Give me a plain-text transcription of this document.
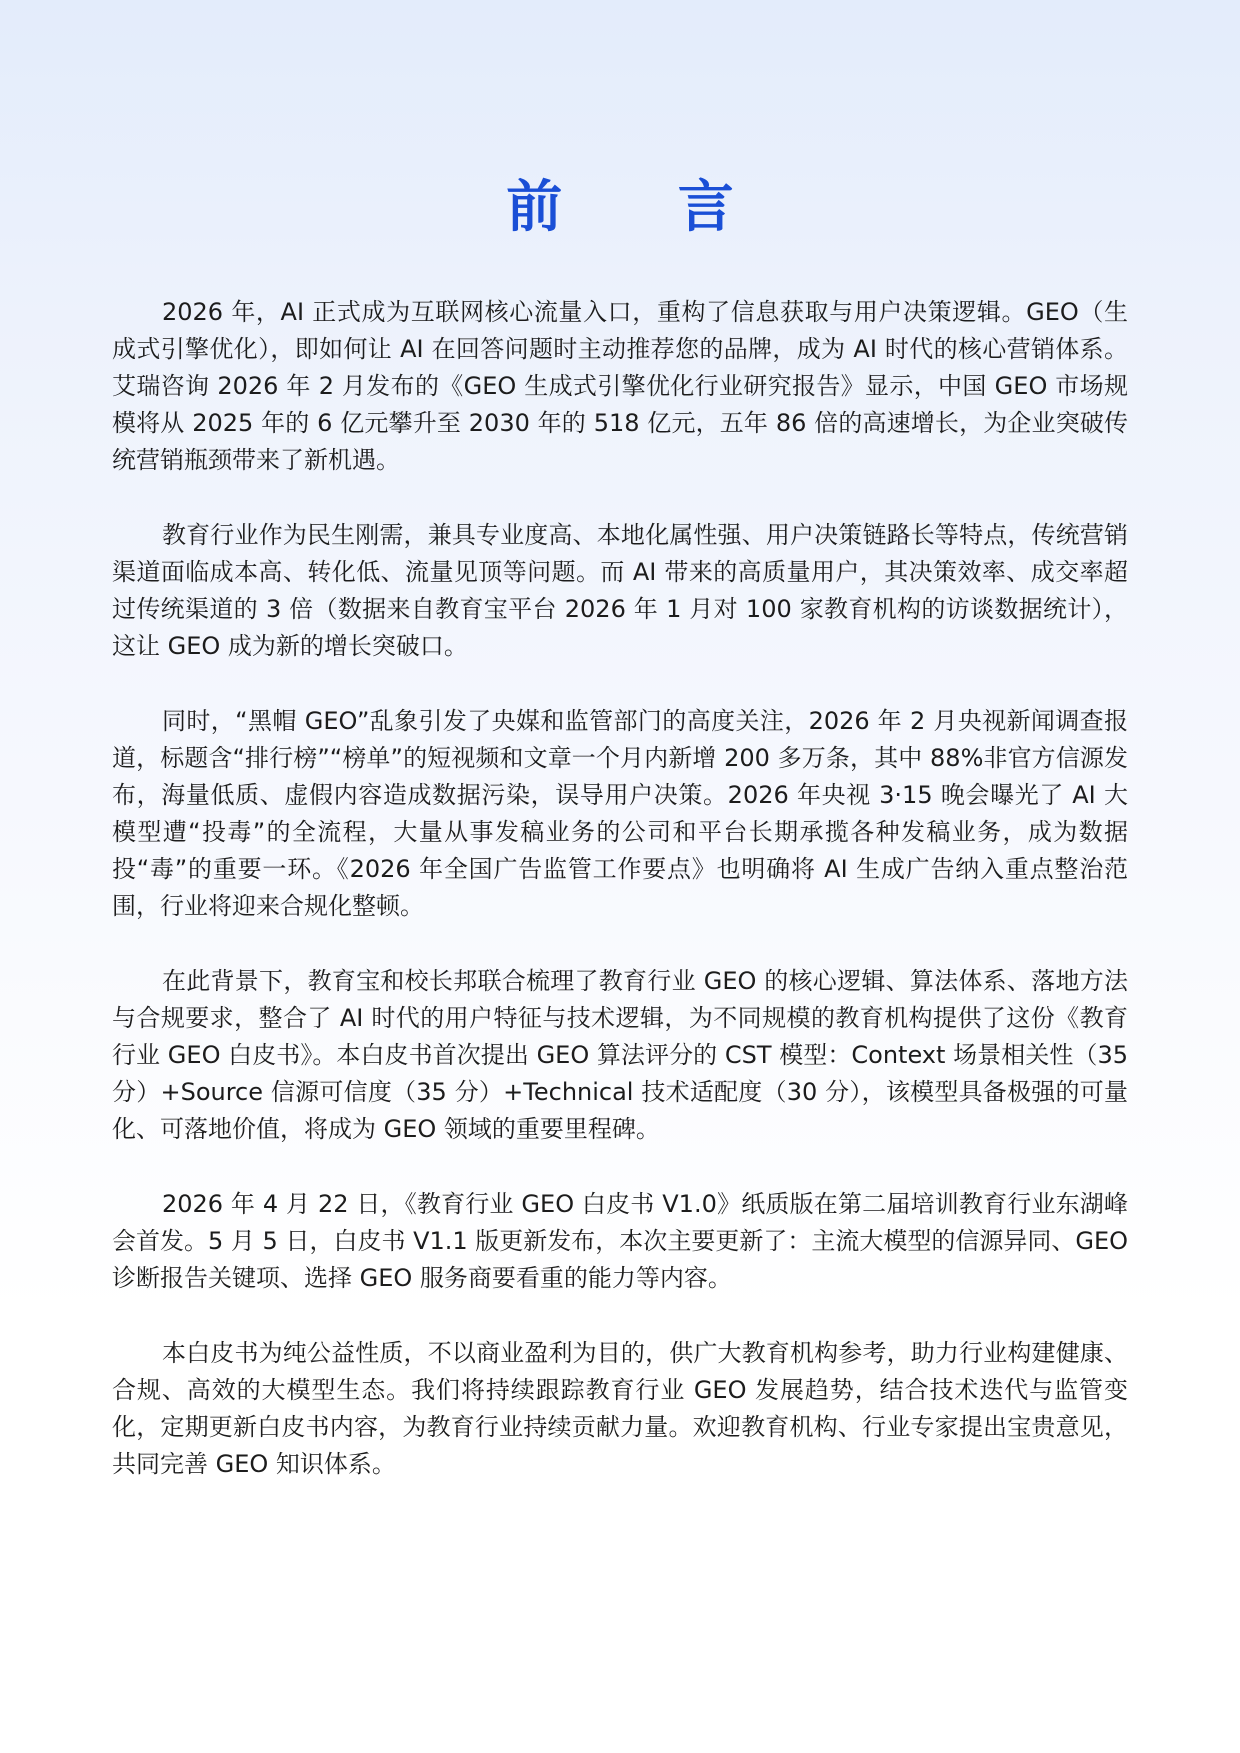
前 言

2026 年，AI 正式成为互联网核心流量入口，重构了信息获取与用户决策逻辑。GEO（生成式引擎优化），即如何让 AI 在回答问题时主动推荐您的品牌，成为 AI 时代的核心营销体系。艾瑞咨询 2026 年 2 月发布的《GEO 生成式引擎优化行业研究报告》显示，中国 GEO 市场规模将从 2025 年的 6 亿元攀升至 2030 年的 518 亿元，五年 86 倍的高速增长，为企业突破传统营销瓶颈带来了新机遇。

教育行业作为民生刚需，兼具专业度高、本地化属性强、用户决策链路长等特点，传统营销渠道面临成本高、转化低、流量见顶等问题。而 AI 带来的高质量用户，其决策效率、成交率超过传统渠道的 3 倍（数据来自教育宝平台 2026 年 1 月对 100 家教育机构的访谈数据统计），这让 GEO 成为新的增长突破口。

同时，“黑帽 GEO”乱象引发了央媒和监管部门的高度关注，2026 年 2 月央视新闻调查报道，标题含“排行榜”“榜单”的短视频和文章一个月内新增 200 多万条，其中 88%非官方信源发布，海量低质、虚假内容造成数据污染，误导用户决策。2026 年央视 3·15 晚会曝光了 AI 大模型遭“投毒”的全流程，大量从事发稿业务的公司和平台长期承揽各种发稿业务，成为数据投“毒”的重要一环。《2026 年全国广告监管工作要点》也明确将 AI 生成广告纳入重点整治范围，行业将迎来合规化整顿。

在此背景下，教育宝和校长邦联合梳理了教育行业 GEO 的核心逻辑、算法体系、落地方法与合规要求，整合了 AI 时代的用户特征与技术逻辑，为不同规模的教育机构提供了这份《教育行业 GEO 白皮书》。本白皮书首次提出 GEO 算法评分的 CST 模型：Context 场景相关性（35 分）+Source 信源可信度（35 分）+Technical 技术适配度（30 分），该模型具备极强的可量化、可落地价值，将成为 GEO 领域的重要里程碑。

2026 年 4 月 22 日，《教育行业 GEO 白皮书 V1.0》纸质版在第二届培训教育行业东湖峰会首发。5 月 5 日，白皮书 V1.1 版更新发布，本次主要更新了：主流大模型的信源异同、GEO 诊断报告关键项、选择 GEO 服务商要看重的能力等内容。

本白皮书为纯公益性质，不以商业盈利为目的，供广大教育机构参考，助力行业构建健康、合规、高效的大模型生态。我们将持续跟踪教育行业 GEO 发展趋势，结合技术迭代与监管变化，定期更新白皮书内容，为教育行业持续贡献力量。欢迎教育机构、行业专家提出宝贵意见，共同完善 GEO 知识体系。
